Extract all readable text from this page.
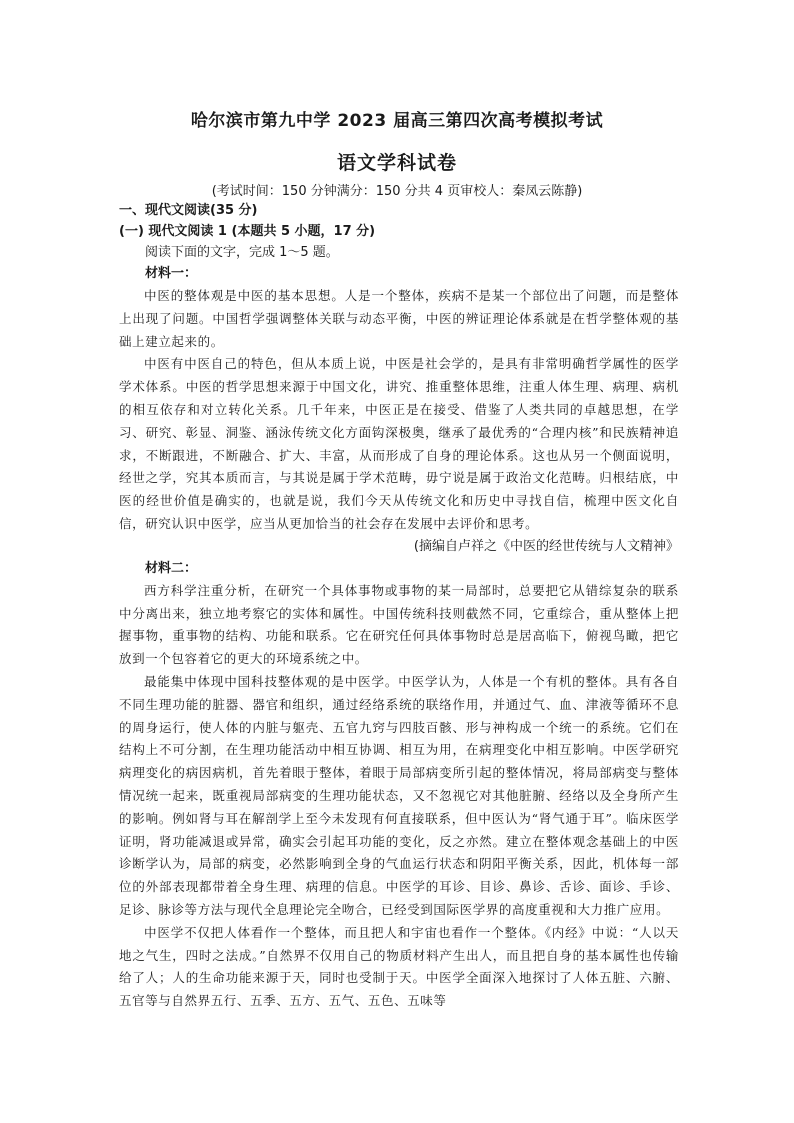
哈尔滨市第九中学 2023 届高三第四次高考模拟考试
语文学科试卷
(考试时间：150 分钟满分：150 分共 4 页审校人：秦凤云陈静)

一、现代文阅读(35 分)

(一) 现代文阅读 1 (本题共 5 小题，17 分)

阅读下面的文字，完成 1～5 题。

材料一：

中医的整体观是中医的基本思想。人是一个整体，疾病不是某一个部位出了问题，而是整体上出现了问题。中国哲学强调整体关联与动态平衡，中医的辨证理论体系就是在哲学整体观的基础上建立起来的。

中医有中医自己的特色，但从本质上说，中医是社会学的，是具有非常明确哲学属性的医学学术体系。中医的哲学思想来源于中国文化，讲究、推重整体思维，注重人体生理、病理、病机的相互依存和对立转化关系。几千年来，中医正是在接受、借鉴了人类共同的卓越思想，在学习、研究、彰显、洞鉴、涵泳传统文化方面钩深极奥，继承了最优秀的“合理内核”和民族精神追求，不断跟进，不断融合、扩大、丰富，从而形成了自身的理论体系。这也从另一个侧面说明，经世之学，究其本质而言，与其说是属于学术范畴，毋宁说是属于政治文化范畴。归根结底，中医的经世价值是确实的，也就是说，我们今天从传统文化和历史中寻找自信，梳理中医文化自信，研究认识中医学，应当从更加恰当的社会存在发展中去评价和思考。

(摘编自卢祥之《中医的经世传统与人文精神》

材料二：

西方科学注重分析，在研究一个具体事物或事物的某一局部时，总要把它从错综复杂的联系中分离出来，独立地考察它的实体和属性。中国传统科技则截然不同，它重综合，重从整体上把握事物，重事物的结构、功能和联系。它在研究任何具体事物时总是居高临下，俯视鸟瞰，把它放到一个包容着它的更大的环境系统之中。

最能集中体现中国科技整体观的是中医学。中医学认为，人体是一个有机的整体。具有各自不同生理功能的脏器、器官和组织，通过经络系统的联络作用，并通过气、血、津液等循环不息的周身运行，使人体的内脏与躯壳、五官九窍与四肢百骸、形与神构成一个统一的系统。它们在结构上不可分割，在生理功能活动中相互协调、相互为用，在病理变化中相互影响。中医学研究病理变化的病因病机，首先着眼于整体，着眼于局部病变所引起的整体情况，将局部病变与整体情况统一起来，既重视局部病变的生理功能状态，又不忽视它对其他脏腑、经络以及全身所产生的影响。例如肾与耳在解剖学上至今未发现有何直接联系，但中医认为“肾气通于耳”。临床医学证明，肾功能减退或异常，确实会引起耳功能的变化，反之亦然。建立在整体观念基础上的中医诊断学认为，局部的病变，必然影响到全身的气血运行状态和阴阳平衡关系，因此，机体每一部位的外部表现都带着全身生理、病理的信息。中医学的耳诊、目诊、鼻诊、舌诊、面诊、手诊、足诊、脉诊等方法与现代全息理论完全吻合，已经受到国际医学界的高度重视和大力推广应用。

中医学不仅把人体看作一个整体，而且把人和宇宙也看作一个整体。《内经》中说：“人以天地之气生，四时之法成。”自然界不仅用自己的物质材料产生出人，而且把自身的基本属性也传输给了人；人的生命功能来源于天，同时也受制于天。中医学全面深入地探讨了人体五脏、六腑、五官等与自然界五行、五季、五方、五气、五色、五味等
